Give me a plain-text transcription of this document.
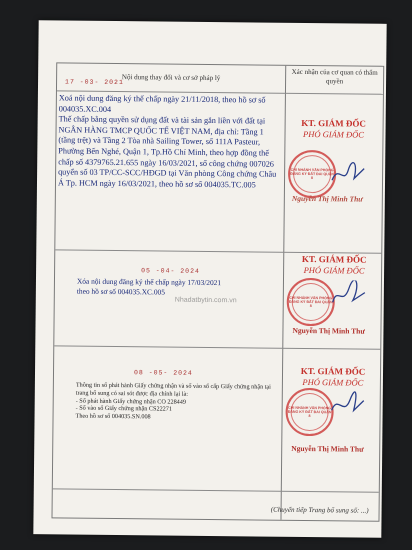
Nội dung thay đổi và cơ sở pháp lý
Xác nhận của cơ quan có thẩm quyền
17 -03- 2021
Xoá nội dung đăng ký thế chấp ngày 21/11/2018, theo hồ sơ số 004035.XC.004
Thế chấp bằng quyền sử dụng đất và tài sản gắn liền với đất tại NGÂN HÀNG TMCP QUỐC TẾ VIỆT NAM, địa chỉ: Tầng 1 (tầng trệt) và Tầng 2 Tòa nhà Sailing Tower, số 111A Pasteur, Phường Bến Nghé, Quận 1, Tp.Hồ Chí Minh, theo hợp đồng thế chấp số 4379765.21.655 ngày 16/03/2021, số công chứng 007026 quyển số 03 TP/CC-SCC/HĐGD tại Văn phòng Công chứng Châu Á Tp. HCM ngày 16/03/2021, theo hồ sơ số 004035.TC.005
KT. GIÁM ĐỐC
PHÓ GIÁM ĐỐC
CHI NHÁNH VĂN PHÒNG ĐĂNG KÝ ĐẤT ĐAI QUẬN 8
Nguyễn Thị Minh Thư
05 -04- 2024
Xóa nội dung đăng ký thế chấp ngày 17/03/2021
theo hồ sơ số 004035.XC.005
Nhadatbytin.com.vn
KT. GIÁM ĐỐC
PHÓ GIÁM ĐỐC
CHI NHÁNH VĂN PHÒNG ĐĂNG KÝ ĐẤT ĐAI QUẬN 8
Nguyễn Thị Minh Thư
08 -05- 2024
Thông tin số phát hành Giấy chứng nhận và số vào sổ cấp Giấy chứng nhận tại trang bổ sung có sai sót được địa chính lại là:
- Số phát hành Giấy chứng nhận CO 228449
- Số vào sổ Giấy chứng nhận CS22271
Theo hồ sơ số 004035.SN.008
KT. GIÁM ĐỐC
PHÓ GIÁM ĐỐC
CHI NHÁNH VĂN PHÒNG ĐĂNG KÝ ĐẤT ĐAI QUẬN 8
Nguyễn Thị Minh Thư
(Chuyển tiếp Trang bổ sung số: ...)
